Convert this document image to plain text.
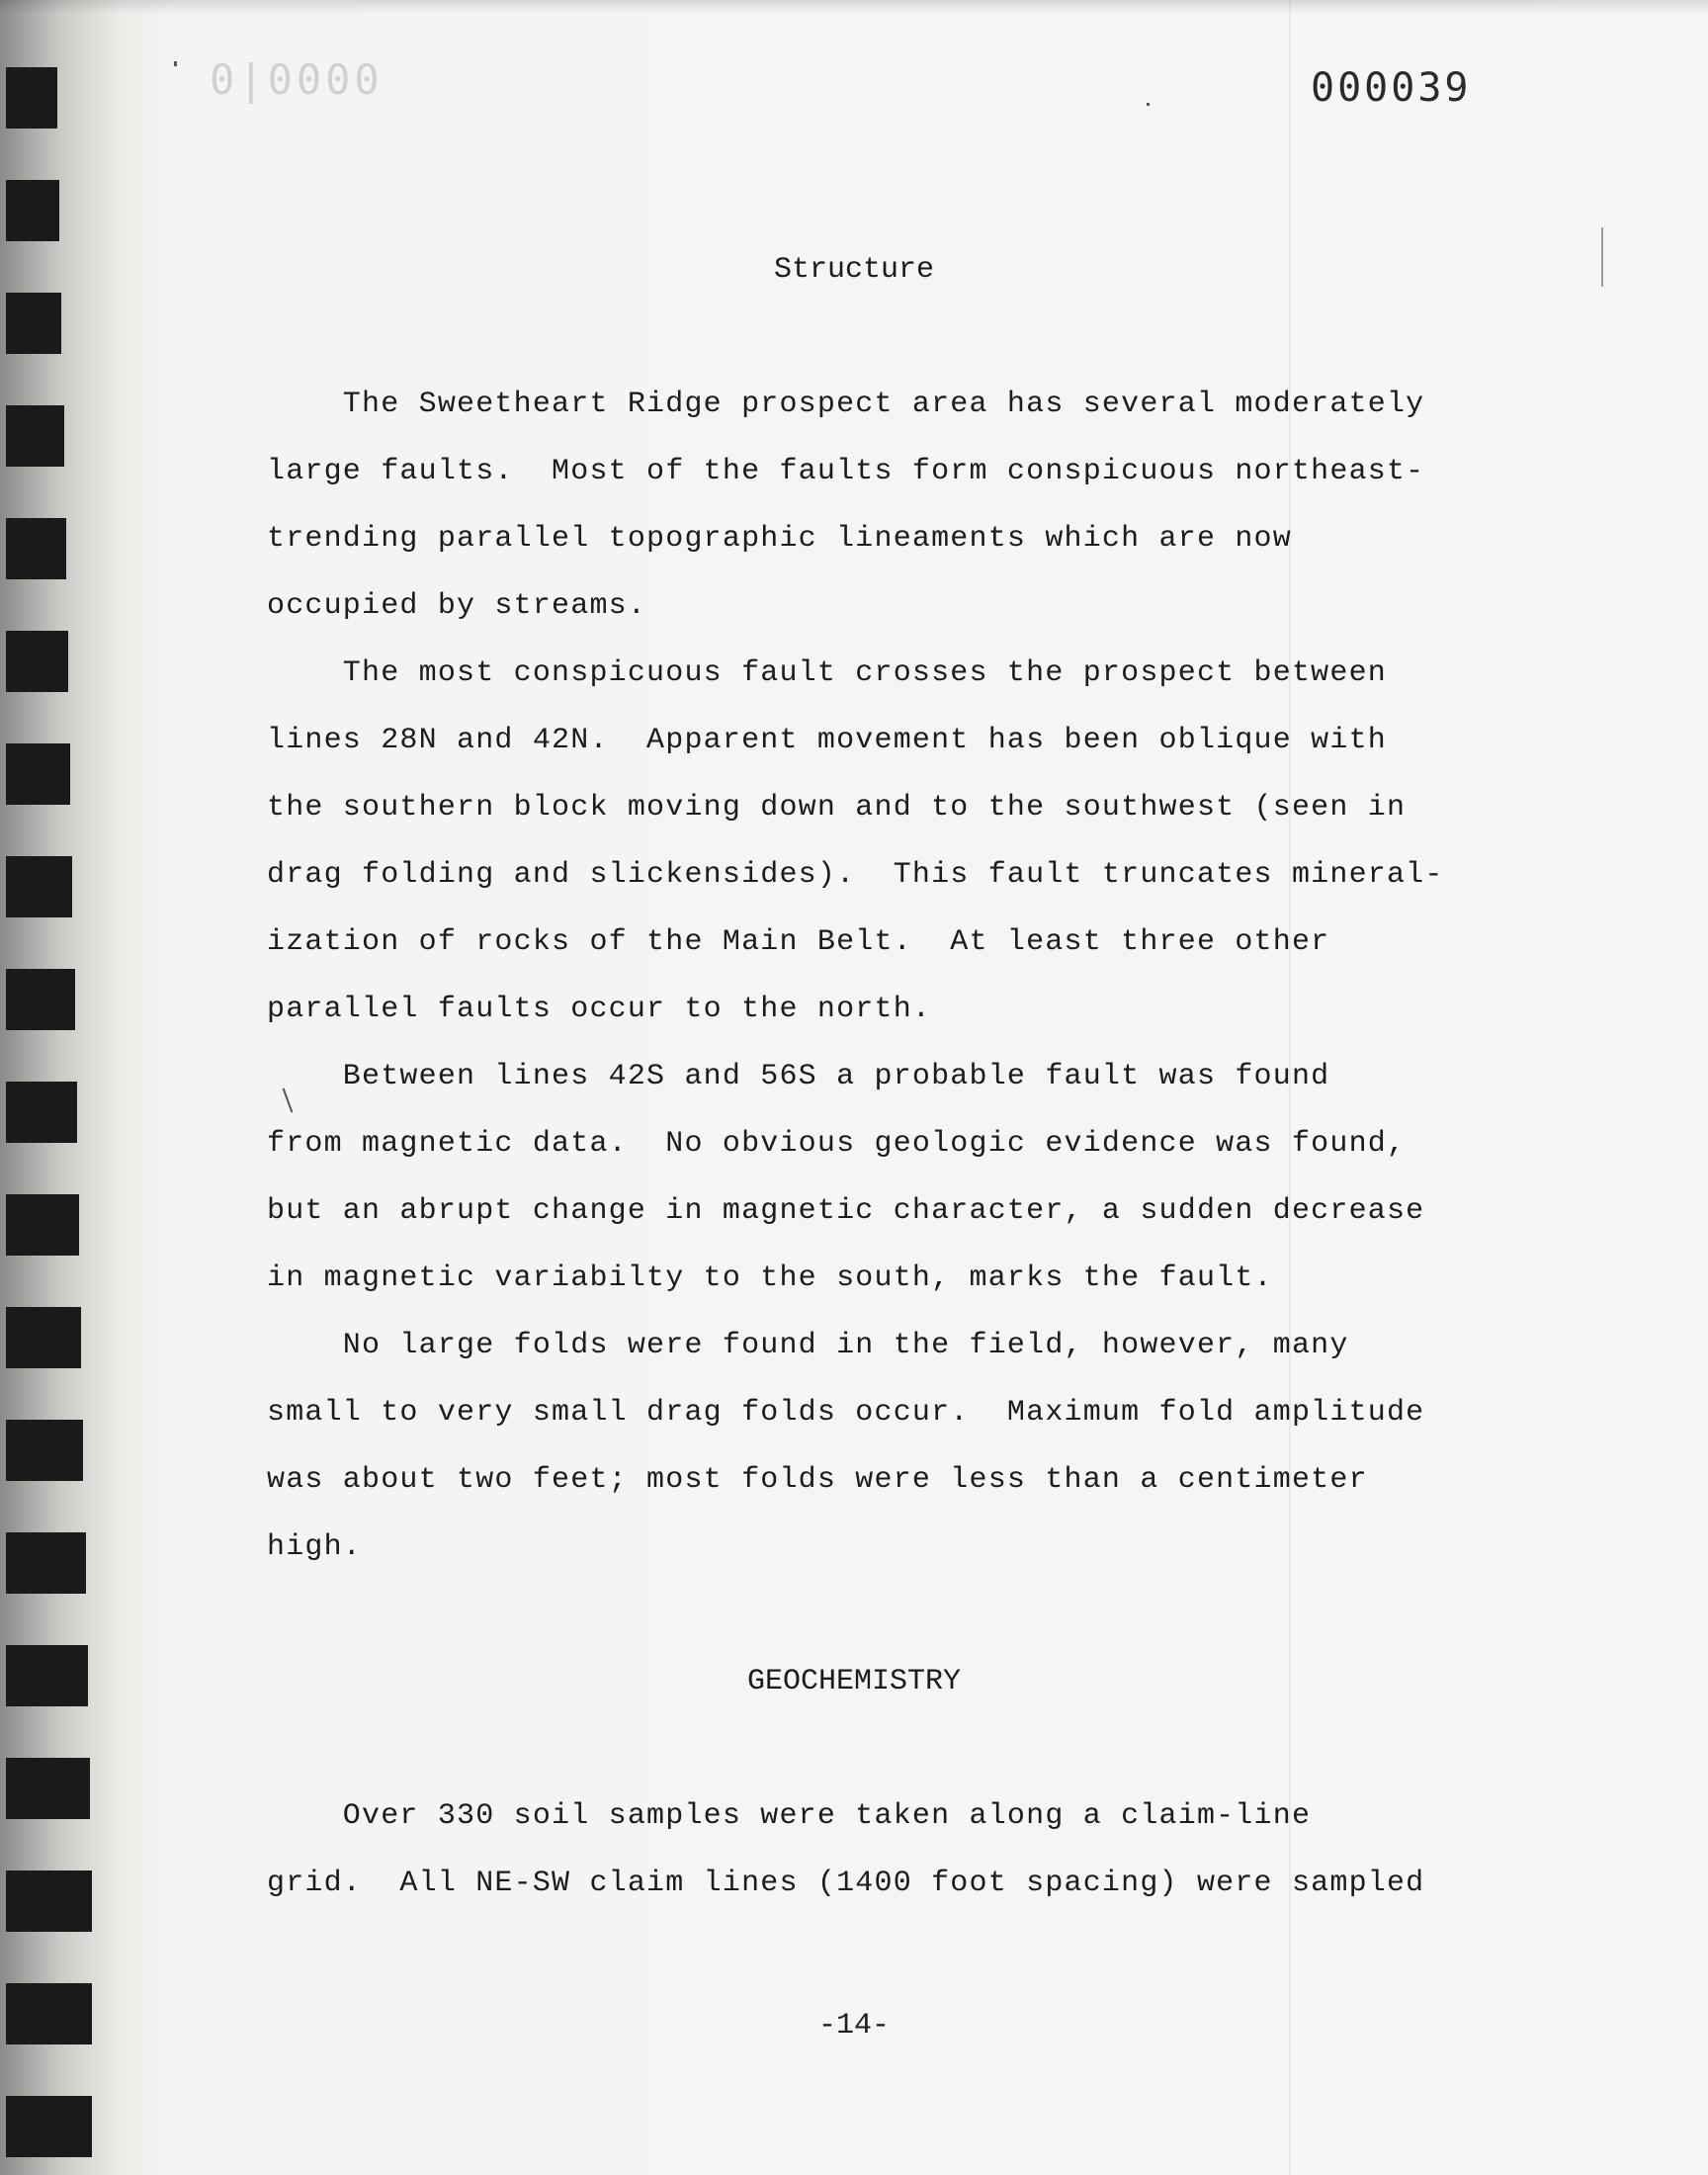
0|0000	000039
Structure
The Sweetheart Ridge prospect area has several moderately
large faults.  Most of the faults form conspicuous northeast-
trending parallel topographic lineaments which are now
occupied by streams.
The most conspicuous fault crosses the prospect between
lines 28N and 42N.  Apparent movement has been oblique with
the southern block moving down and to the southwest (seen in
drag folding and slickensides).  This fault truncates mineral-
ization of rocks of the Main Belt.  At least three other
parallel faults occur to the north.
Between lines 42S and 56S a probable fault was found
from magnetic data.  No obvious geologic evidence was found,
but an abrupt change in magnetic character, a sudden decrease
in magnetic variabilty to the south, marks the fault.
No large folds were found in the field, however, many
small to very small drag folds occur.  Maximum fold amplitude
was about two feet; most folds were less than a centimeter
high.
GEOCHEMISTRY
Over 330 soil samples were taken along a claim-line
grid.  All NE-SW claim lines (1400 foot spacing) were sampled
-14-
